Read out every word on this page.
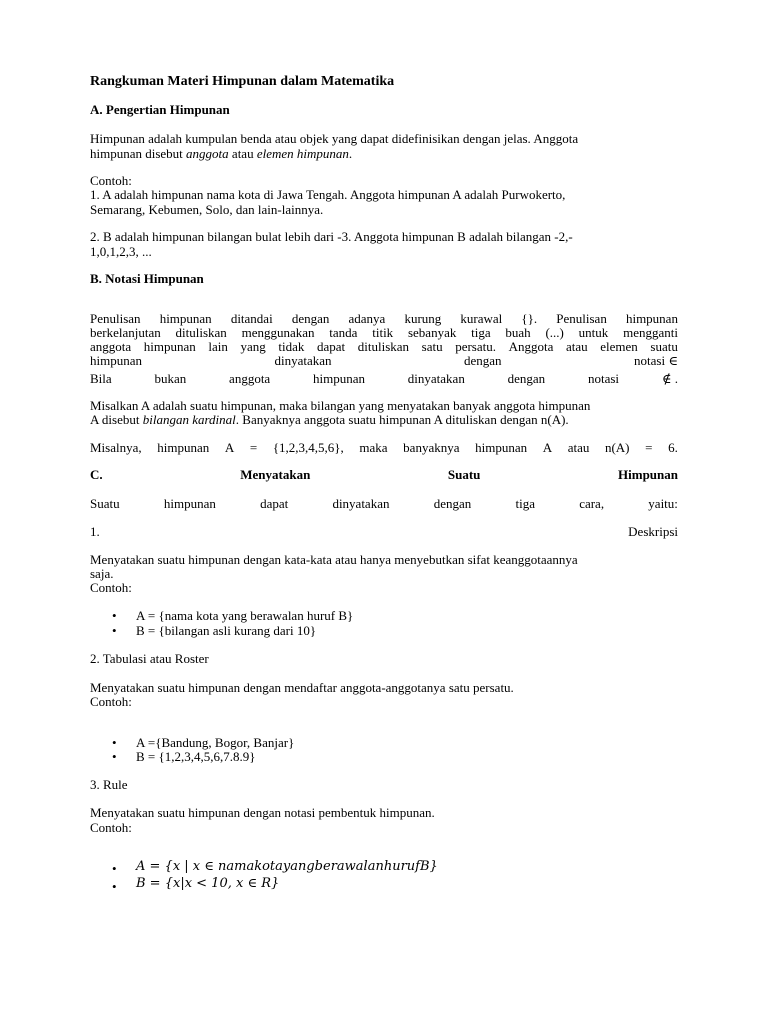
Rangkuman Materi Himpunan dalam Matematika
A. Pengertian Himpunan
Himpunan adalah kumpulan benda atau objek yang dapat didefinisikan dengan jelas. Anggota
himpunan disebut anggota atau elemen himpunan.
Contoh:
1. A adalah himpunan nama kota di Jawa Tengah. Anggota himpunan A adalah Purwokerto,
Semarang, Kebumen, Solo, dan lain-lainnya.
2. B adalah himpunan bilangan bulat lebih dari -3. Anggota himpunan B adalah bilangan -2,-
1,0,1,2,3, ...
B. Notasi Himpunan
Penulisan himpunan ditandai dengan adanya kurung kurawal {}. Penulisan himpunan
berkelanjutan dituliskan menggunakan tanda titik sebanyak tiga buah (...) untuk mengganti
anggota himpunan lain yang tidak dapat dituliskan satu persatu. Anggota atau elemen suatu
himpunan	dinyatakan	dengan	notasi ∈
Bila	bukan	anggota	himpunan	dinyatakan	dengan	notasi	∉ .
Misalkan A adalah suatu himpunan, maka bilangan yang menyatakan banyak anggota himpunan
A disebut bilangan kardinal. Banyaknya anggota suatu himpunan A dituliskan dengan n(A).
Misalnya, himpunan A = {1,2,3,4,5,6}, maka banyaknya himpunan A atau n(A) = 6.
C.	Menyatakan	Suatu	Himpunan
Suatu	himpunan	dapat	dinyatakan	dengan	tiga	cara,	yaitu:
1.	Deskripsi
Menyatakan suatu himpunan dengan kata-kata atau hanya menyebutkan sifat keanggotaannya
saja.
Contoh:
• A = {nama kota yang berawalan huruf B}
• B = {bilangan asli kurang dari 10}
2. Tabulasi atau Roster
Menyatakan suatu himpunan dengan mendaftar anggota-anggotanya satu persatu.
Contoh:
• A ={Bandung, Bogor, Banjar}
• B = {1,2,3,4,5,6,7.8.9}
3. Rule
Menyatakan suatu himpunan dengan notasi pembentuk himpunan.
Contoh:
• A = {x | x ∈ namakotayangberawalanhurufB}
• B = {x|x < 10, x ∈ R}
